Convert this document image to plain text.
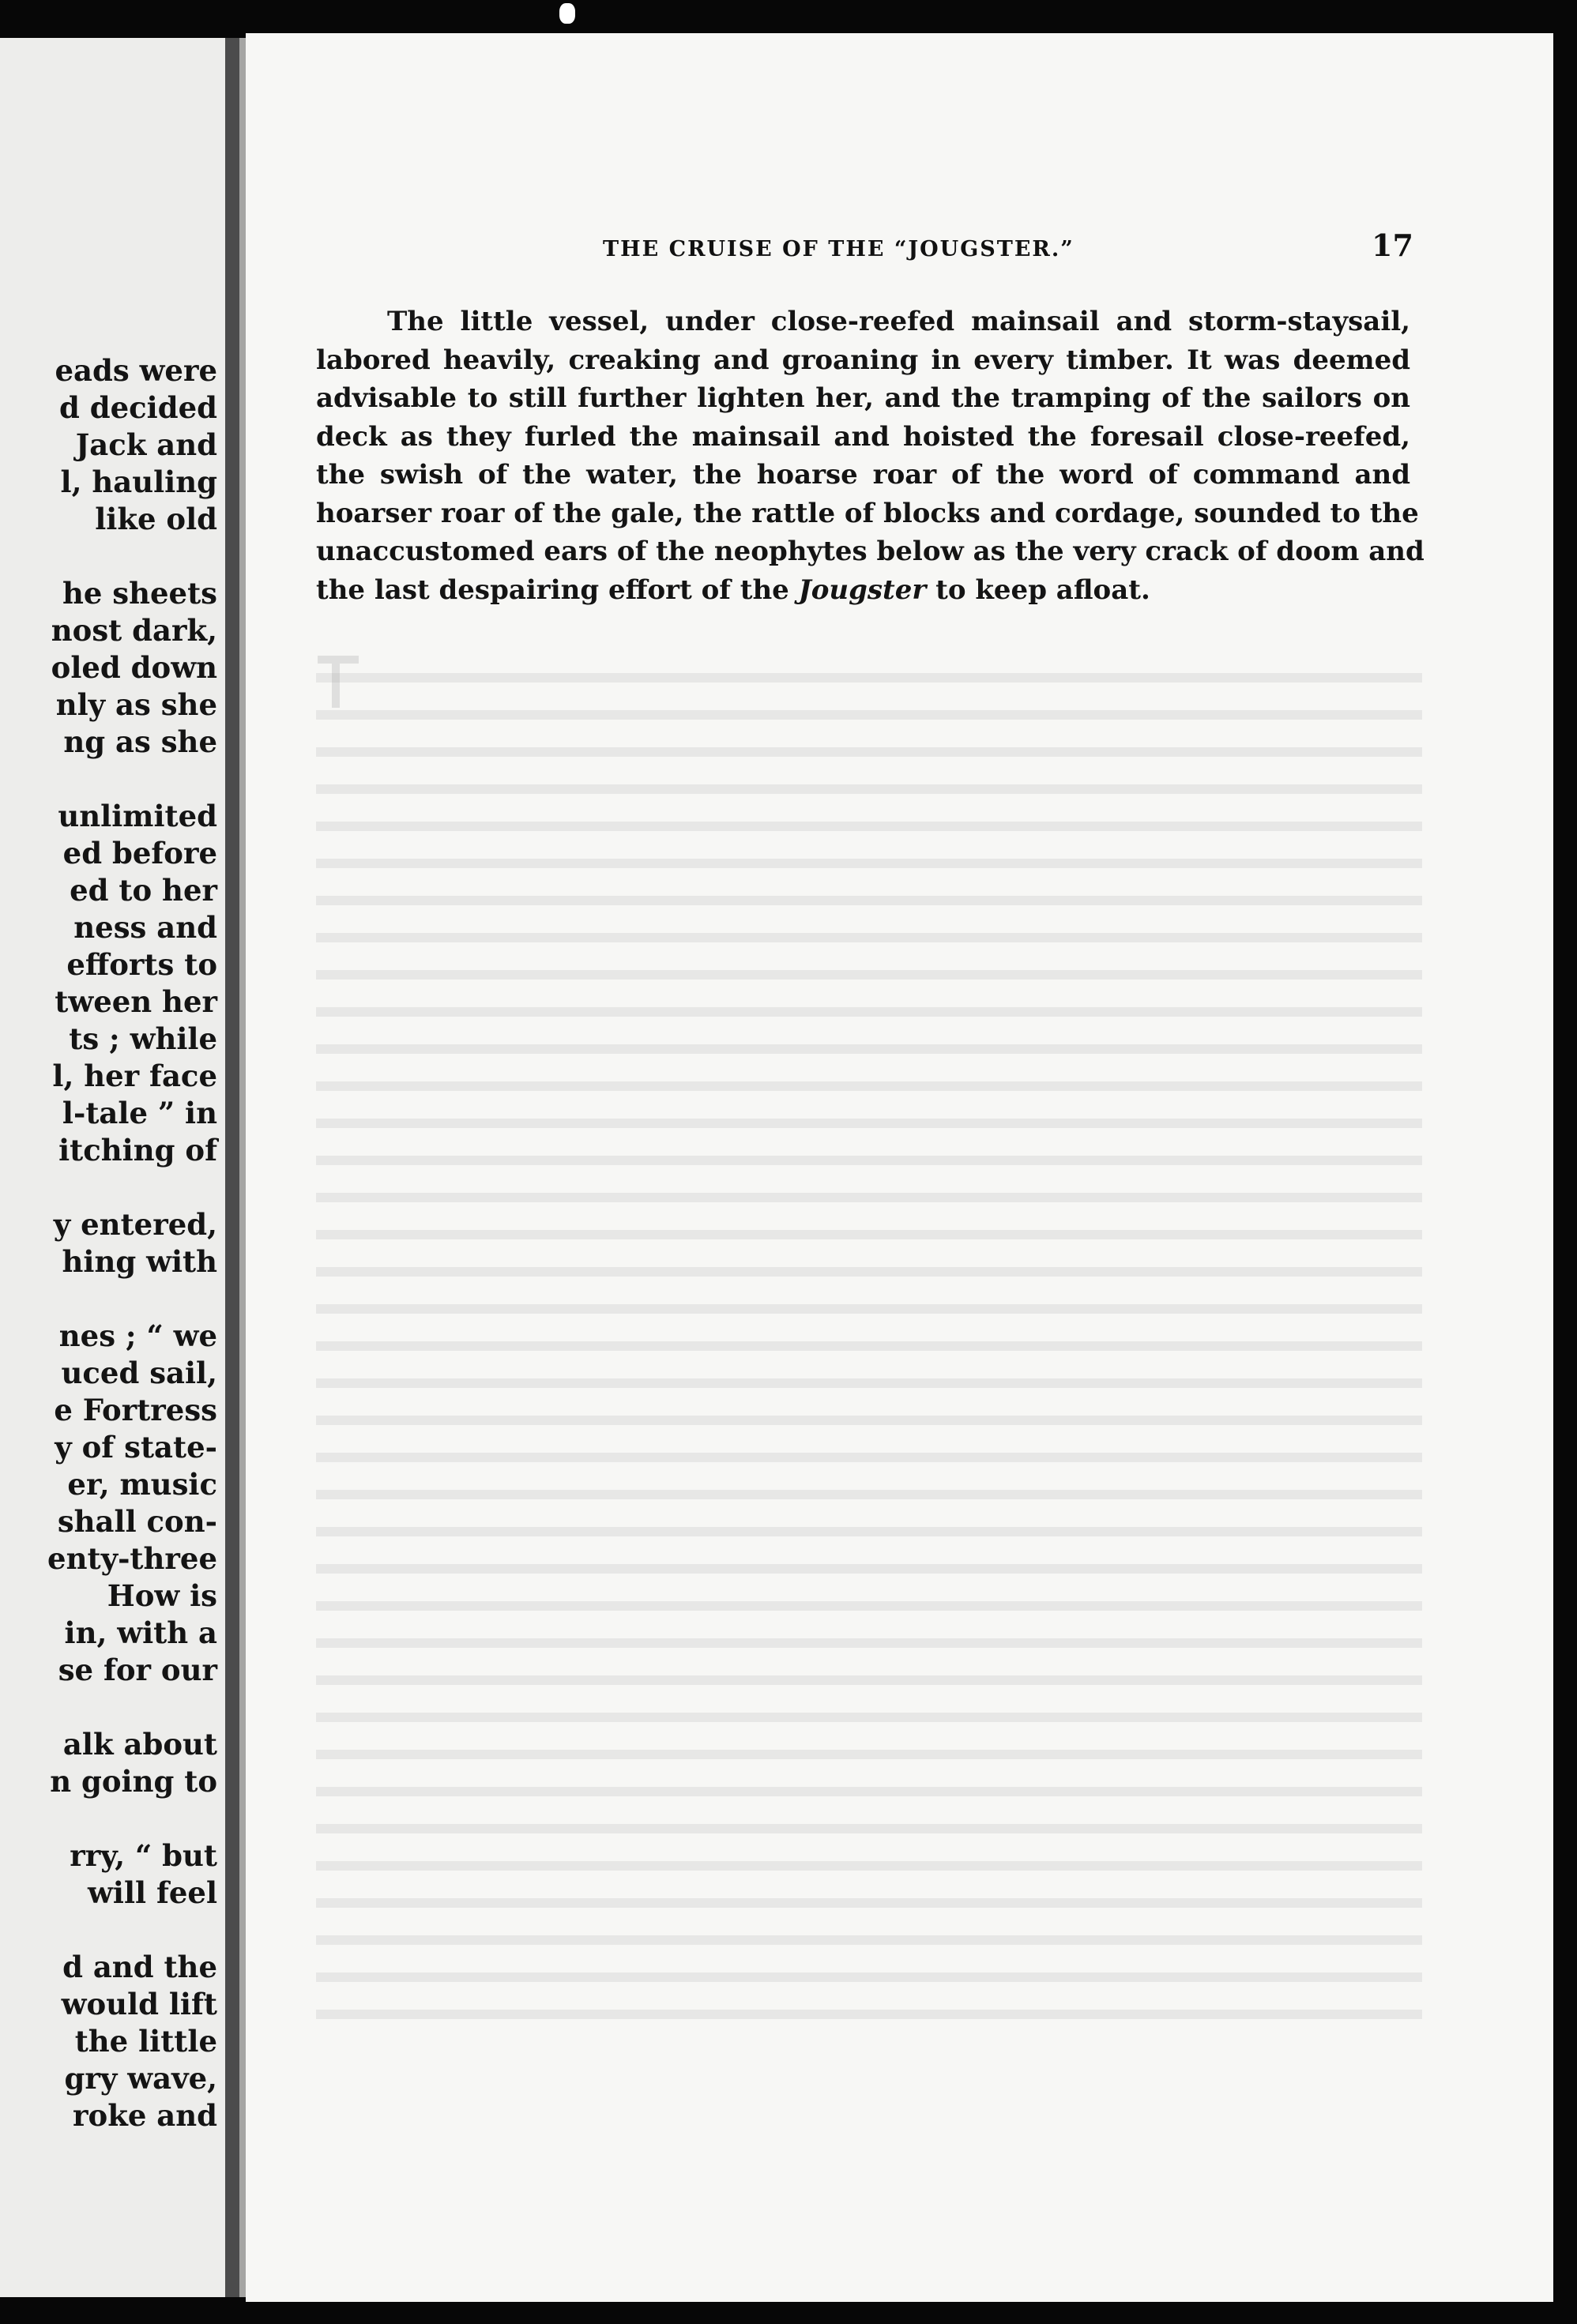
eads were
d decided
Jack and
l, hauling
like old
he sheets
nost dark,
oled down
nly as she
ng as she
unlimited
ed before
ed to her
ness and
efforts to
tween her
ts ; while
l, her face
l-tale ” in
itching of
y entered,
hing with
nes ; “ we
uced sail,
e Fortress
y of state-
er, music
shall con-
enty-three
How is
in, with a
se for our
alk about
n going to
rry, “ but
will feel
d and the
would lift
the little
gry wave,
roke and
THE CRUISE OF THE “JOUGSTER.”	17
The little vessel, under close-reefed mainsail and storm-staysail,
labored heavily, creaking and groaning in every timber. It was deemed
advisable to still further lighten her, and the tramping of the sailors on
deck as they furled the mainsail and hoisted the foresail close-reefed,
the swish of the water, the hoarse roar of the word of command and
hoarser roar of the gale, the rattle of blocks and cordage, sounded to the
unaccustomed ears of the neophytes below as the very crack of doom and
the last despairing effort of the Jougster to keep afloat.
